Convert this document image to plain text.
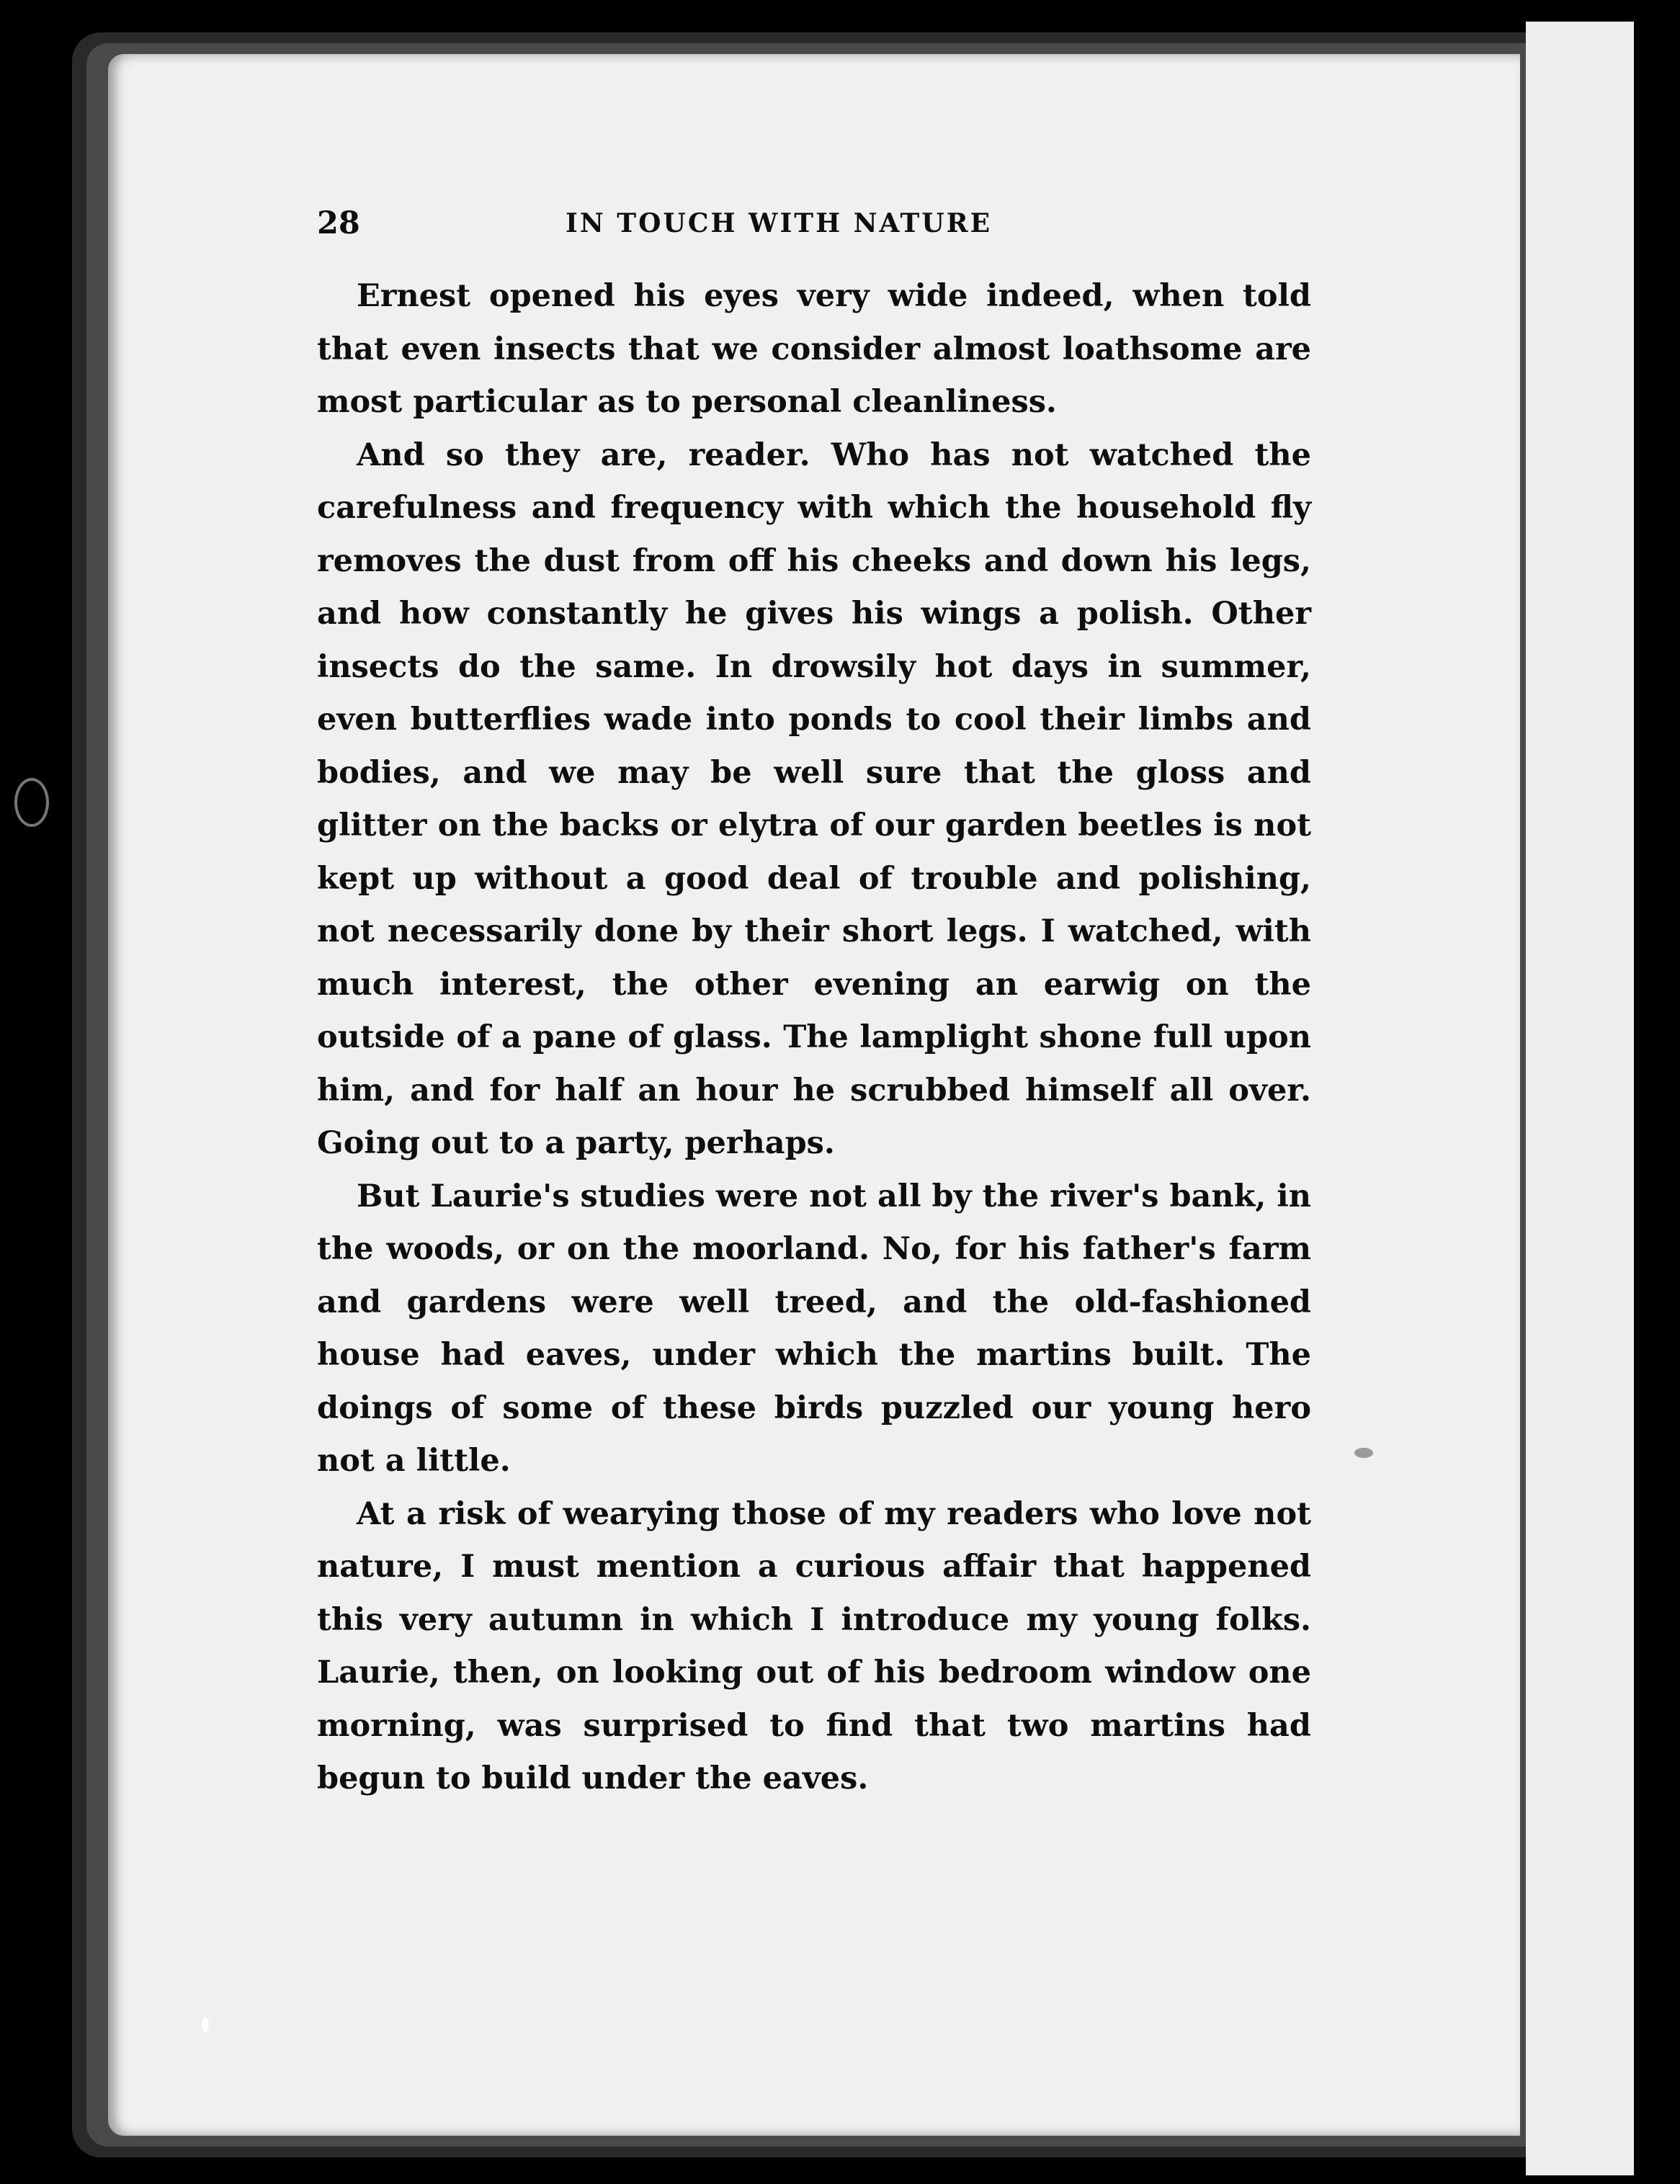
28	IN TOUCH WITH NATURE

Ernest opened his eyes very wide indeed, when told that even insects that we consider almost loathsome are most particular as to personal cleanliness.

And so they are, reader. Who has not watched the carefulness and frequency with which the household fly removes the dust from off his cheeks and down his legs, and how constantly he gives his wings a polish. Other insects do the same. In drowsily hot days in summer, even butterflies wade into ponds to cool their limbs and bodies, and we may be well sure that the gloss and glitter on the backs or elytra of our garden beetles is not kept up without a good deal of trouble and polishing, not necessarily done by their short legs. I watched, with much interest, the other evening an earwig on the outside of a pane of glass. The lamplight shone full upon him, and for half an hour he scrubbed himself all over. Going out to a party, perhaps.

But Laurie's studies were not all by the river's bank, in the woods, or on the moorland. No, for his father's farm and gardens were well treed, and the old-fashioned house had eaves, under which the martins built. The doings of some of these birds puzzled our young hero not a little.

At a risk of wearying those of my readers who love not nature, I must mention a curious affair that happened this very autumn in which I introduce my young folks. Laurie, then, on looking out of his bedroom window one morning, was surprised to find that two martins had begun to build under the eaves.
